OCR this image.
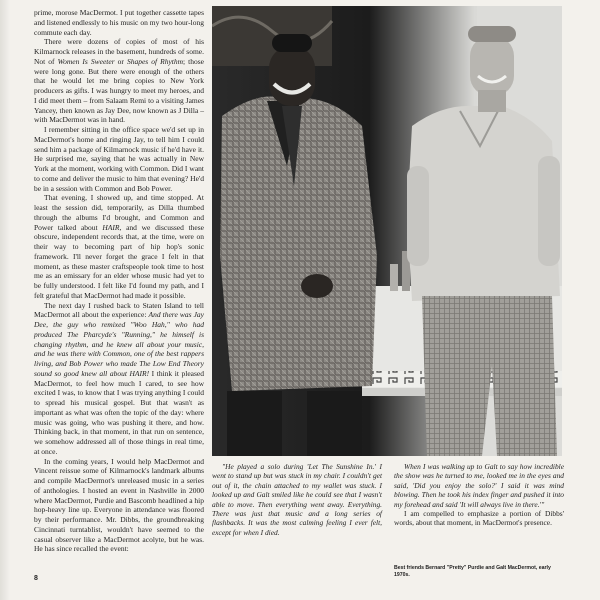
prime, morose MacDermot. I put together cassette tapes and listened endlessly to his music on my two hour-long commute each day.

There were dozens of copies of most of his Kilmarnock releases in the basement, hundreds of some. Not of Women Is Sweeter or Shapes of Rhythm; those were long gone. But there were enough of the others that he would let me bring copies to New York producers as gifts. I was hungry to meet my heroes, and I did meet them – from Salaam Remi to a visiting James Yancey, then known as Jay Dee, now known as J Dilla – with MacDermot was in hand.

I remember sitting in the office space we'd set up in MacDermot's home and ringing Jay, to tell him I could send him a package of Kilmarnock music if he'd have it. He surprised me, saying that he was actually in New York at the moment, working with Common. Did I want to come and deliver the music to him that evening? He'd be in a session with Common and Bob Power.

That evening, I showed up, and time stopped. At least the session did, temporarily, as Dilla thumbed through the albums I'd brought, and Common and Power talked about HAIR, and we discussed these obscure, independent records that, at the time, were on their way to becoming part of hip hop's sonic framework. I'll never forget the grace I felt in that moment, as these master craftspeople took time to host me as an emissary for an elder whose music had yet to be fully understood. I felt like I'd found my path, and I felt grateful that MacDermot had made it possible.

The next day I rushed back to Staten Island to tell MacDermot all about the experience: And there was Jay Dee, the guy who remixed "Woo Hah," who had produced The Pharcyde's "Running," he himself is changing rhythm, and he knew all about your music, and he was there with Common, one of the best rappers living, and Bob Power who made The Low End Theory sound so good knew all about HAIR! I think it pleased MacDermot, to feel how much I cared, to see how excited I was, to know that I was trying anything I could to spread his musical gospel. But that wasn't as important as what was often the topic of the day: where music was going, who was pushing it there, and how. Thinking back, in that moment, in that run on sentence, we somehow addressed all of those things in real time, at once.

In the coming years, I would help MacDermot and Vincent reissue some of Kilmarnock's landmark albums and compile MacDermot's unreleased music in a series of anthologies. I hosted an event in Nashville in 2000 where MacDermot, Purdie and Bascomb headlined a hip hop-heavy line up. Everyone in attendance was floored by their performance. Mr. Dibbs, the groundbreaking Cincinnati turntablist, wouldn't have seemed to the casual observer like a MacDermot acolyte, but he was. He has since recalled the event:

"He played a solo during 'Let The Sunshine In.' I went to stand up but was stuck in my chair. I couldn't get out of it, the chain attached to my wallet was stuck. I looked up and Galt smiled like he could see that I wasn't able to move. Then everything went away. Everything. There was just that music and a long series of flashbacks. It was the most calming feeling I ever felt, except for when I died.

When I was walking up to Galt to say how incredible the show was he turned to me, looked me in the eyes and said, 'Did you enjoy the solo?' I said it was mind blowing. Then he took his index finger and pushed it into my forehead and said 'It will always live in there.'"

I am compelled to emphasize a portion of Dibbs' words, about that moment, in MacDermot's presence.

Best friends Bernard "Pretty" Purdie and Galt MacDermot, early 1970s.
8
